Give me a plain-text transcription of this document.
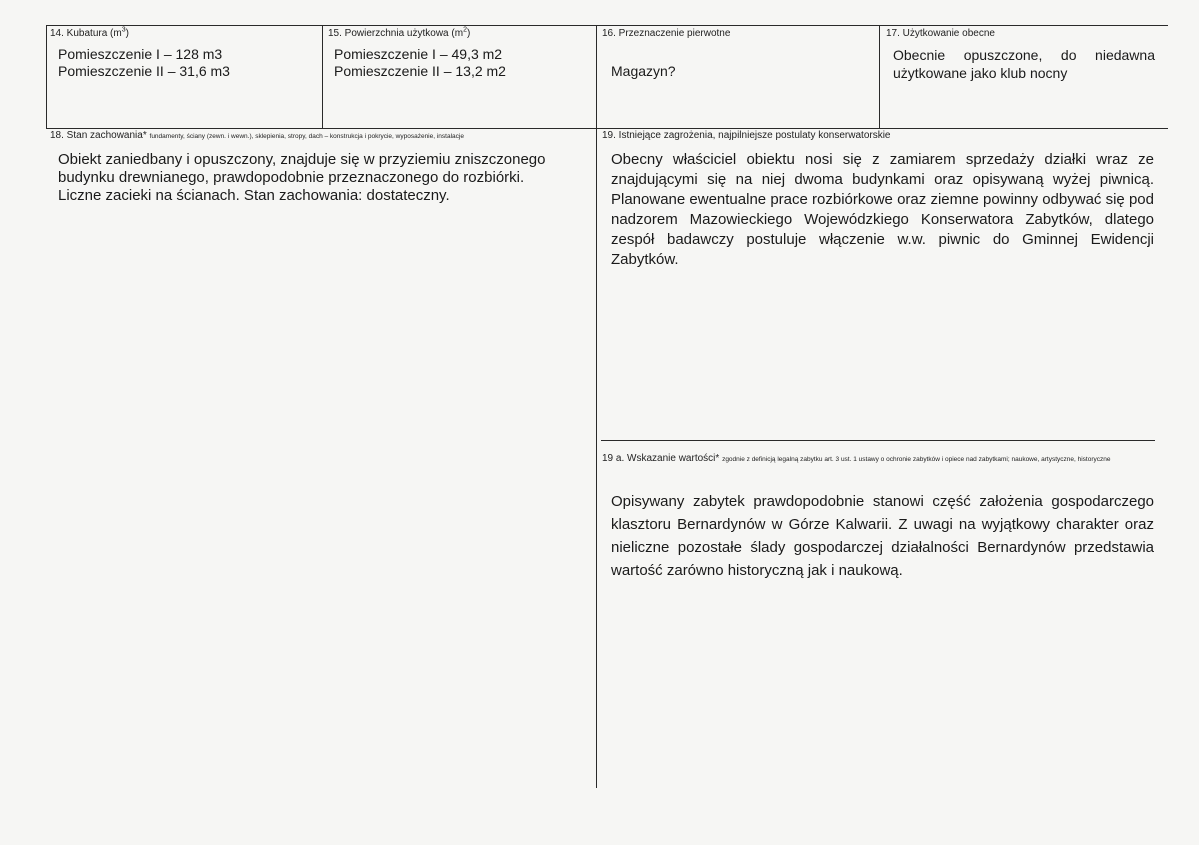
14. Kubatura $(m^3)$
Pomieszczenie I – 128 m3
Pomieszczenie II – 31,6 m3
15. Powierzchnia użytkowa $(m^2)$
Pomieszczenie I – 49,3 m2
Pomieszczenie II – 13,2 m2
16. Przeznaczenie pierwotne
Magazyn?
17. Użytkowanie obecne
Obecnie opuszczone, do niedawna użytkowane jako klub nocny
18. Stan zachowania* fundamenty, ściany (zewn. i wewn.), sklepienia, stropy, dach – konstrukcja i pokrycie, wyposażenie, instalacje
Obiekt zaniedbany i opuszczony, znajduje się w przyziemiu zniszczonego
budynku drewnianego, prawdopodobnie przeznaczonego do rozbiórki.
Liczne zacieki na ścianach. Stan zachowania: dostateczny.
19. Istniejące zagrożenia, najpilniejsze postulaty konserwatorskie
Obecny właściciel obiektu nosi się z zamiarem sprzedaży działki wraz ze znajdującymi się na niej dwoma budynkami oraz opisywaną wyżej piwnicą. Planowane ewentualne prace rozbiórkowe oraz ziemne powinny odbywać się pod nadzorem Mazowieckiego Wojewódzkiego Konserwatora Zabytków, dlatego zespół badawczy postuluje włączenie w.w. piwnic do Gminnej Ewidencji Zabytków.
19 a. Wskazanie wartości* zgodnie z definicją legalną zabytku art. 3 ust. 1 ustawy o ochronie zabytków i opiece nad zabytkami; naukowe, artystyczne, historyczne
Opisywany zabytek prawdopodobnie stanowi część założenia gospodarczego klasztoru Bernardynów w Górze Kalwarii. Z uwagi na wyjątkowy charakter oraz nieliczne pozostałe ślady gospodarczej działalności Bernardynów przedstawia wartość zarówno historyczną jak i naukową.
